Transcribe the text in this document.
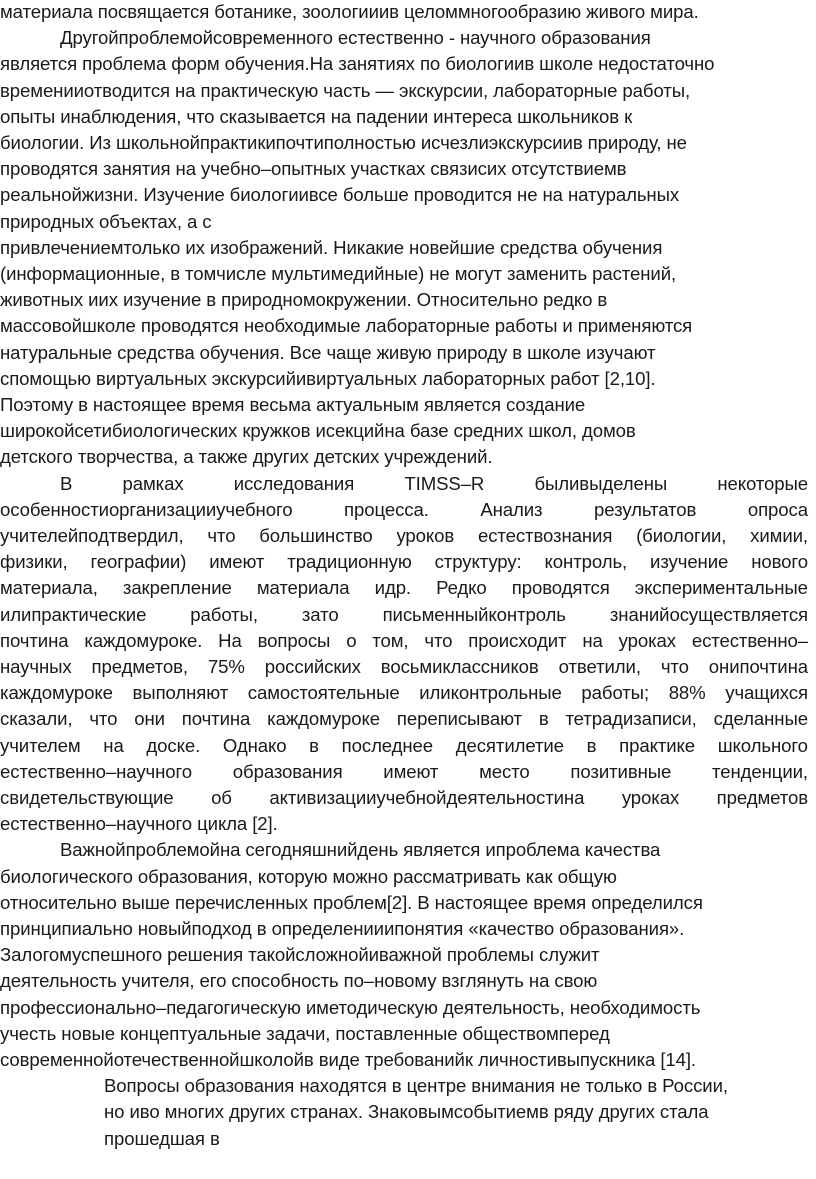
материала посвящается ботанике, зоологииив целоммногообразию живого мира.
Другойпроблемойсовременного естественно - научного образования
является проблема форм обучения.На занятиях по биологиив школе недостаточно
временииотводится на практическую часть — экскурсии, лабораторные работы,
опыты инаблюдения, что сказывается на падении интереса школьников к
биологии. Из школьнойпрактикипочтиполностью исчезлиэкскурсиив природу, не
проводятся занятия на учебно–опытных участках связисих отсутствиемв
реальнойжизни. Изучение биологиивсе больше проводится не на натуральных
природных объектах, а с
привлечениемтолько их изображений. Никакие новейшие средства обучения
(информационные, в томчисле мультимедийные) не могут заменить растений,
животных иих изучение в природномокружении. Относительно редко в
массовойшколе проводятся необходимые лабораторные работы и применяются
натуральные средства обучения. Все чаще живую природу в школе изучают
спомощью виртуальных экскурсийивиртуальных лабораторных работ [2,10].
Поэтому в настоящее время весьма актуальным является создание
широкойсетибиологических кружков исекцийна базе средних школ, домов
детского творчества, а также других детских учреждений.
В	рамках	исследования	TIMSS–R	быливыделены	некоторые
особенностиорганизацииучебного	процесса.	Анализ	результатов	опроса
учителейподтвердил, что большинство уроков естествознания (биологии, химии,
физики, географии) имеют традиционную структуру: контроль, изучение нового
материала, закрепление материала идр. Редко проводятся экспериментальные
илипрактические работы, зато письменныйконтроль знанийосуществляется
почтина каждомуроке. На вопросы о том, что происходит на уроках естественно–
научных предметов, 75% российских восьмиклассников ответили, что онипочтина
каждомуроке выполняют самостоятельные иликонтрольные работы; 88% учащихся
сказали, что они почтина каждомуроке переписывают в тетрадизаписи, сделанные
учителем на доске. Однако в последнее десятилетие в практике школьного
естественно–научного образования имеют место позитивные тенденции,
свидетельствующие об активизацииучебнойдеятельностина уроках предметов
естественно–научного цикла [2].
Важнойпроблемойна сегодняшнийдень является ипроблема качества
биологического образования, которую можно рассматривать как общую
относительно выше перечисленных проблем[2]. В настоящее время определился
принципиально новыйподход в определенииипонятия «качество образования».
Залогомуспешного решения такойсложнойиважной проблемы служит
деятельность учителя, его способность по–новому взглянуть на свою
профессионально–педагогическую иметодическую деятельность, необходимость
учесть новые концептуальные задачи, поставленные обществомперед
современнойотечественнойшколойв виде требованийк личностивыпускника [14].
Вопросы образования находятся в центре внимания не только в России,
но иво многих других странах. Знаковымсобытиемв ряду других стала
прошедшая в
